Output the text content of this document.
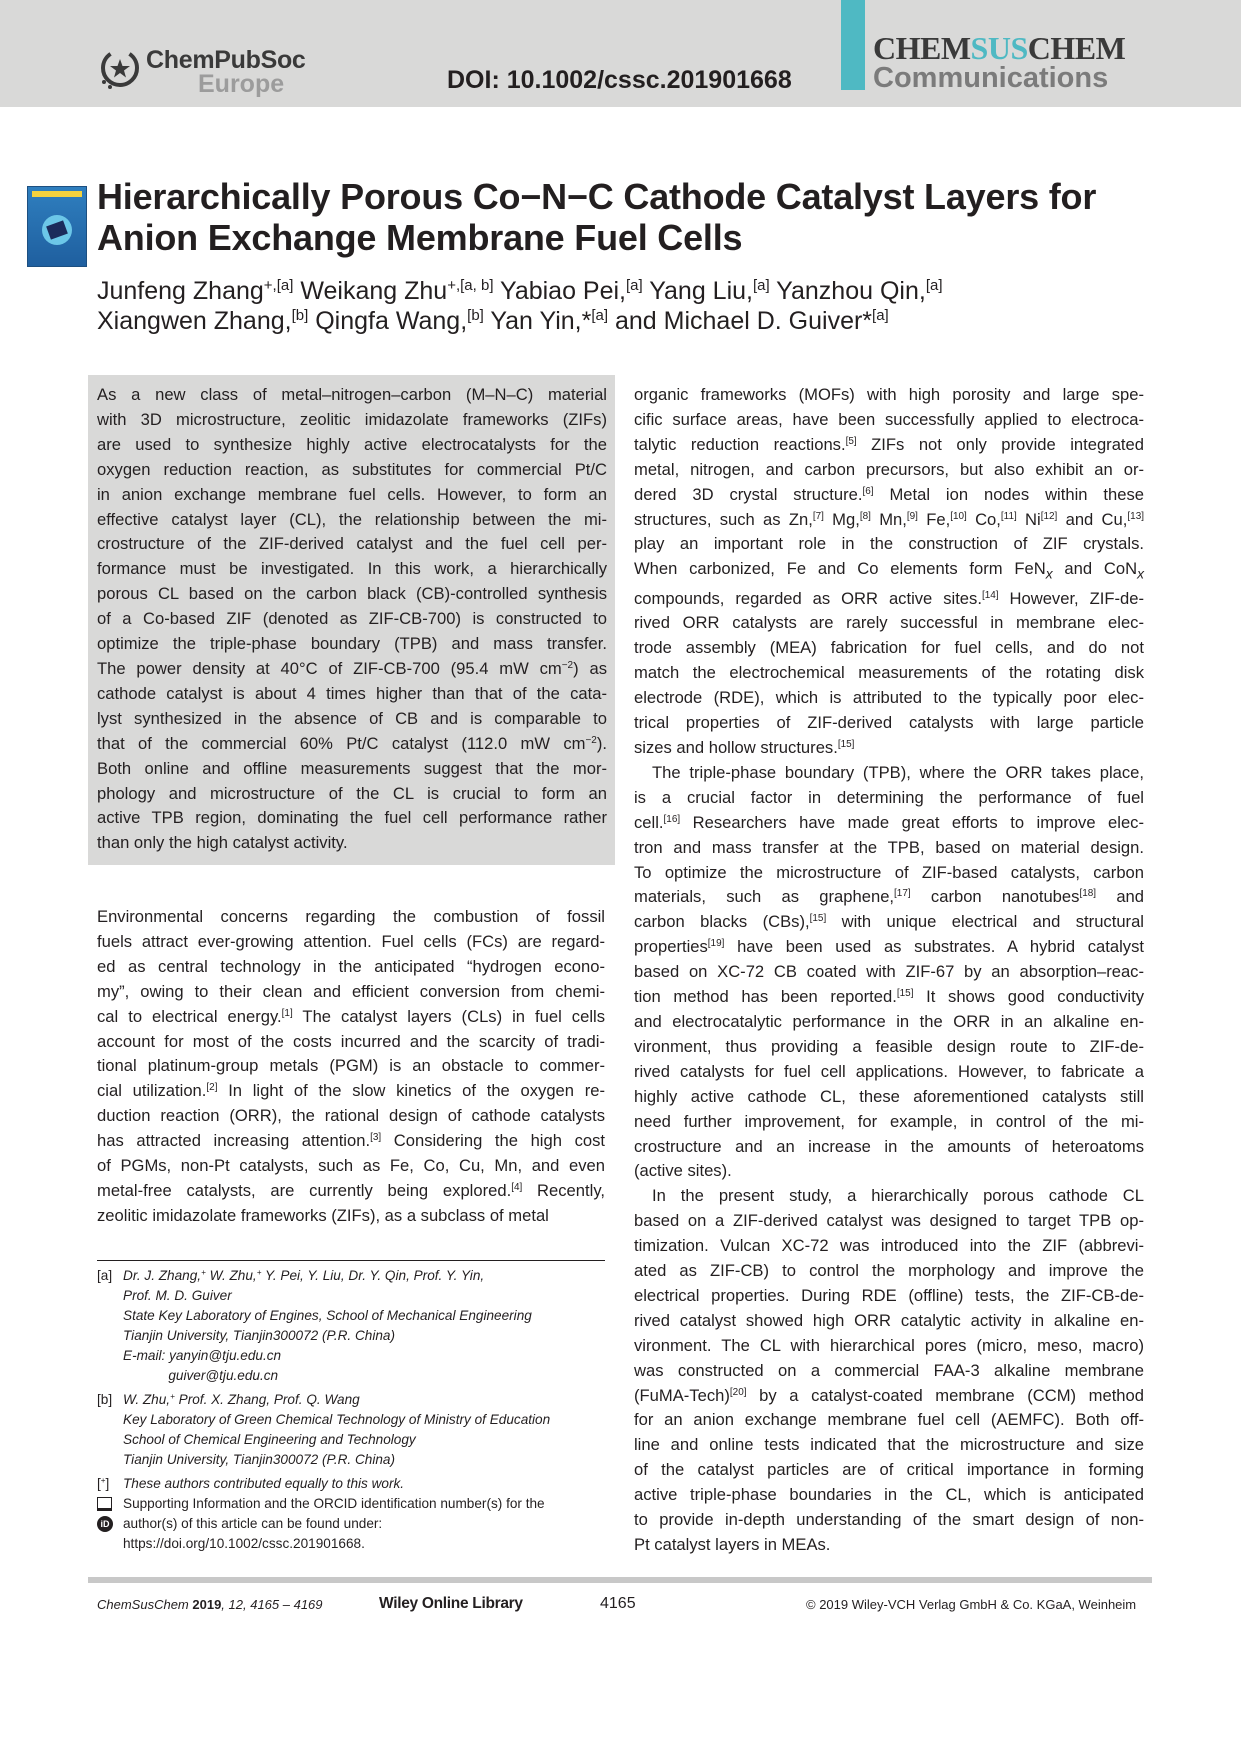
ChemPubSoc
Europe	DOI: 10.1002/cssc.201901668
CHEMSUSCHEM
Communications
Hierarchically Porous Co−N−C Cathode Catalyst Layers for
Anion Exchange Membrane Fuel Cells
Junfeng Zhang$^{+,[a]}$ Weikang Zhu$^{+,[a, b]}$ Yabiao Pei,[a] Yang Liu,[a] Yanzhou Qin,[a]
Xiangwen Zhang,[b] Qingfa Wang,[b] Yan Yin,*[a] and Michael D. Guiver*[a]
As a new class of metal–nitrogen–carbon (M–N–C) material
with 3D microstructure, zeolitic imidazolate frameworks (ZIFs)
are used to synthesize highly active electrocatalysts for the
oxygen reduction reaction, as substitutes for commercial Pt/C
in anion exchange membrane fuel cells. However, to form an
effective catalyst layer (CL), the relationship between the mi-
crostructure of the ZIF-derived catalyst and the fuel cell per-
formance must be investigated. In this work, a hierarchically
porous CL based on the carbon black (CB)-controlled synthesis
of a Co-based ZIF (denoted as ZIF-CB-700) is constructed to
optimize the triple-phase boundary (TPB) and mass transfer.
The power density at 40°C of ZIF-CB-700 (95.4 mW $cm^{-2}$) as
cathode catalyst is about 4 times higher than that of the cata-
lyst synthesized in the absence of CB and is comparable to
that of the commercial 60% Pt/C catalyst (112.0 mW $cm^{-2}$).
Both online and offline measurements suggest that the mor-
phology and microstructure of the CL is crucial to form an
active TPB region, dominating the fuel cell performance rather
than only the high catalyst activity.
Environmental concerns regarding the combustion of fossil
fuels attract ever-growing attention. Fuel cells (FCs) are regard-
ed as central technology in the anticipated “hydrogen econo-
my”, owing to their clean and efficient conversion from chemi-
cal to electrical energy.[1] The catalyst layers (CLs) in fuel cells
account for most of the costs incurred and the scarcity of tradi-
tional platinum-group metals (PGM) is an obstacle to commer-
cial utilization.[2] In light of the slow kinetics of the oxygen re-
duction reaction (ORR), the rational design of cathode catalysts
has attracted increasing attention.[3] Considering the high cost
of PGMs, non-Pt catalysts, such as Fe, Co, Cu, Mn, and even
metal-free catalysts, are currently being explored.[4] Recently,
zeolitic imidazolate frameworks (ZIFs), as a subclass of metal
organic frameworks (MOFs) with high porosity and large spe-
cific surface areas, have been successfully applied to electroca-
talytic reduction reactions.[5] ZIFs not only provide integrated
metal, nitrogen, and carbon precursors, but also exhibit an or-
dered 3D crystal structure.[6] Metal ion nodes within these
structures, such as Zn,[7] Mg,[8] Mn,[9] Fe,[10] Co,[11] Ni[12] and Cu,[13]
play an important role in the construction of ZIF crystals.
When carbonized, Fe and Co elements form FeN$_x$ and CoN$_x$
compounds, regarded as ORR active sites.[14] However, ZIF-de-
rived ORR catalysts are rarely successful in membrane elec-
trode assembly (MEA) fabrication for fuel cells, and do not
match the electrochemical measurements of the rotating disk
electrode (RDE), which is attributed to the typically poor elec-
trical properties of ZIF-derived catalysts with large particle
sizes and hollow structures.[15]
The triple-phase boundary (TPB), where the ORR takes place,
is a crucial factor in determining the performance of fuel
cell.[16] Researchers have made great efforts to improve elec-
tron and mass transfer at the TPB, based on material design.
To optimize the microstructure of ZIF-based catalysts, carbon
materials, such as graphene,[17] carbon nanotubes[18] and
carbon blacks (CBs),[15] with unique electrical and structural
properties[19] have been used as substrates. A hybrid catalyst
based on XC-72 CB coated with ZIF-67 by an absorption–reac-
tion method has been reported.[15] It shows good conductivity
and electrocatalytic performance in the ORR in an alkaline en-
vironment, thus providing a feasible design route to ZIF-de-
rived catalysts for fuel cell applications. However, to fabricate a
highly active cathode CL, these aforementioned catalysts still
need further improvement, for example, in control of the mi-
crostructure and an increase in the amounts of heteroatoms
(active sites).
In the present study, a hierarchically porous cathode CL
based on a ZIF-derived catalyst was designed to target TPB op-
timization. Vulcan XC-72 was introduced into the ZIF (abbrevi-
ated as ZIF-CB) to control the morphology and improve the
electrical properties. During RDE (offline) tests, the ZIF-CB-de-
rived catalyst showed high ORR catalytic activity in alkaline en-
vironment. The CL with hierarchical pores (micro, meso, macro)
was constructed on a commercial FAA-3 alkaline membrane
(FuMA-Tech)[20] by a catalyst-coated membrane (CCM) method
for an anion exchange membrane fuel cell (AEMFC). Both off-
line and online tests indicated that the microstructure and size
of the catalyst particles are of critical importance in forming
active triple-phase boundaries in the CL, which is anticipated
to provide in-depth understanding of the smart design of non-
Pt catalyst layers in MEAs.
[a] Dr. J. Zhang,+ W. Zhu,+ Y. Pei, Y. Liu, Dr. Y. Qin, Prof. Y. Yin,
Prof. M. D. Guiver
State Key Laboratory of Engines, School of Mechanical Engineering
Tianjin University, Tianjin300072 (P.R. China)
E-mail: yanyin@tju.edu.cn
guiver@tju.edu.cn
[b] W. Zhu,+ Prof. X. Zhang, Prof. Q. Wang
Key Laboratory of Green Chemical Technology of Ministry of Education
School of Chemical Engineering and Technology
Tianjin University, Tianjin300072 (P.R. China)
[+] These authors contributed equally to this work.
iD
Supporting Information and the ORCID identification number(s) for the
author(s) of this article can be found under:
https://doi.org/10.1002/cssc.201901668.
ChemSusChem 2019, 12, 4165 – 4169	Wiley Online Library	4165	© 2019 Wiley-VCH Verlag GmbH & Co. KGaA, Weinheim
